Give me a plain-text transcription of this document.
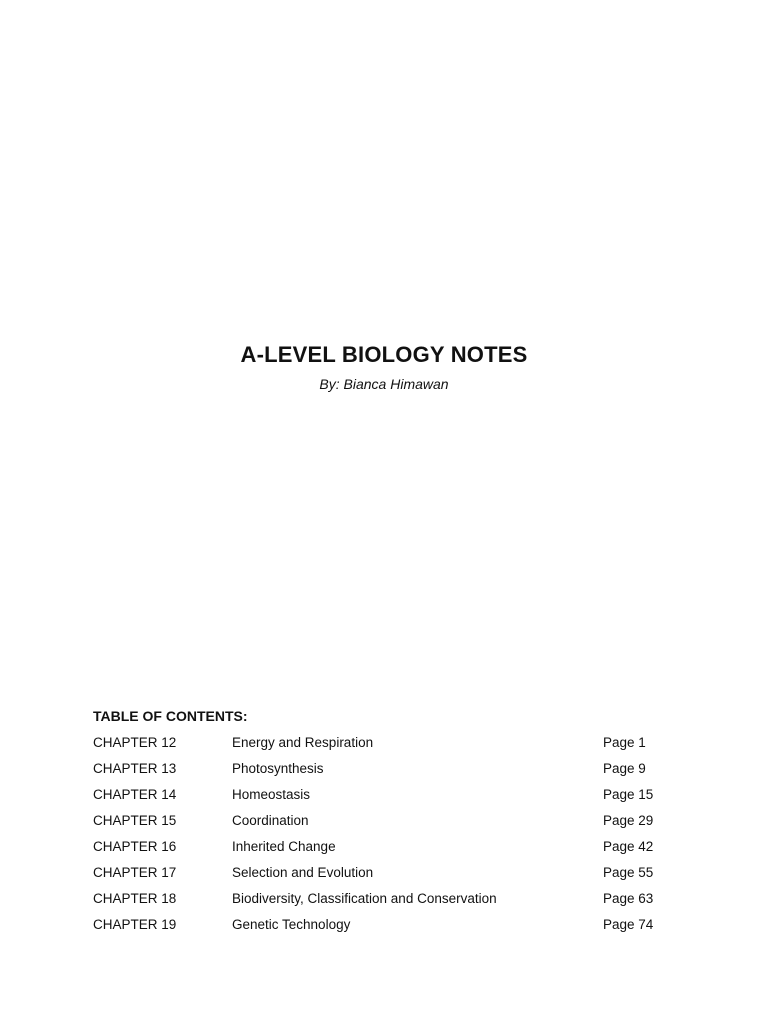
A-LEVEL BIOLOGY NOTES
By: Bianca Himawan
TABLE OF CONTENTS:
CHAPTER 12	Energy and Respiration	Page 1
CHAPTER 13	Photosynthesis	Page 9
CHAPTER 14	Homeostasis	Page 15
CHAPTER 15	Coordination	Page 29
CHAPTER 16	Inherited Change	Page 42
CHAPTER 17	Selection and Evolution	Page 55
CHAPTER 18	Biodiversity, Classification and Conservation	Page 63
CHAPTER 19	Genetic Technology	Page 74
